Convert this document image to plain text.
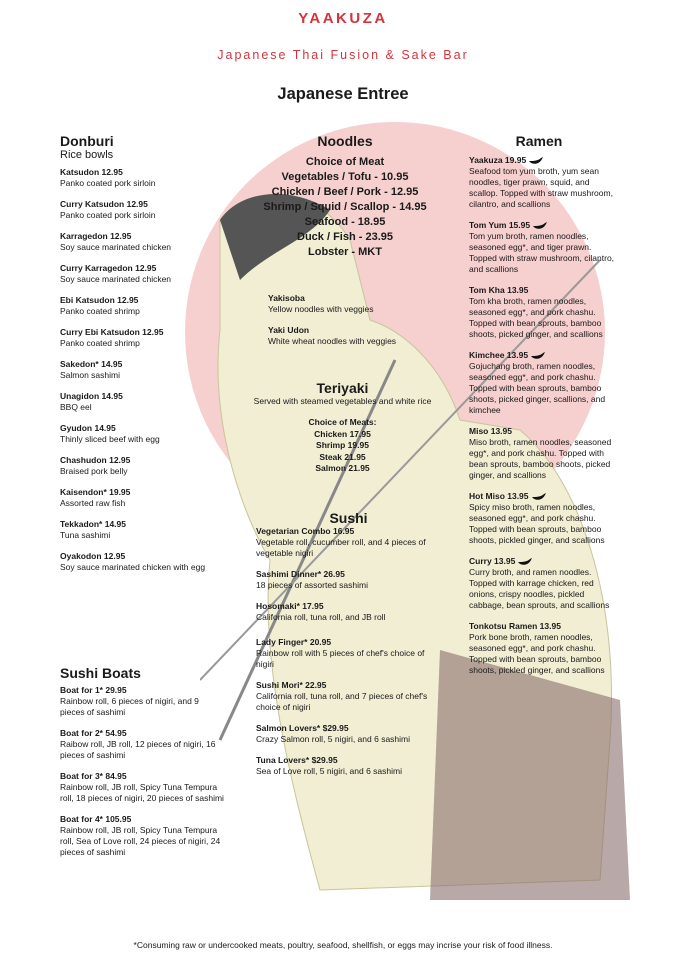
YAAKUZA
Japanese Thai Fusion & Sake Bar
Japanese Entree
Donburi
Rice bowls
Katsudon 12.95
Panko coated pork sirloin
Curry Katsudon 12.95
Panko coated pork sirloin
Karragedon 12.95
Soy sauce marinated chicken
Curry Karragedon 12.95
Soy sauce marinated chicken
Ebi Katsudon 12.95
Panko coated shrimp
Curry Ebi Katsudon 12.95
Panko coated shrimp
Sakedon* 14.95
Salmon sashimi
Unagidon 14.95
BBQ eel
Gyudon 14.95
Thinly sliced beef with egg
Chashudon 12.95
Braised pork belly
Kaisendon* 19.95
Assorted raw fish
Tekkadon* 14.95
Tuna sashimi
Oyakodon 12.95
Soy sauce marinated chicken with egg
Sushi Boats
Boat for 1* 29.95
Rainbow roll, 6 pieces of nigiri, and 9 pieces of sashimi
Boat for 2* 54.95
Raibow roll, JB roll, 12 pieces of nigiri, 16 pieces of sashimi
Boat for 3* 84.95
Rainbow roll, JB roll, Spicy Tuna Tempura roll, 18 pieces of nigiri, 20 pieces of sashimi
Boat for 4* 105.95
Rainbow roll, JB roll, Spicy Tuna Tempura roll, Sea of Love roll, 24 pieces of nigiri, 24 pieces of sashimi
Noodles
Choice of Meat
Vegetables / Tofu - 10.95
Chicken / Beef / Pork - 12.95
Shrimp / Squid / Scallop - 14.95
Seafood - 18.95
Duck / Fish - 23.95
Lobster - MKT
Yakisoba
Yellow noodles with veggies
Yaki Udon
White wheat noodles with veggies
Teriyaki
Served with steamed vegetables and white rice
Choice of Meats:
Chicken 17.95
Shrimp 19.95
Steak 21.95
Salmon 21.95
Sushi
Vegetarian Combo 16.95
Vegetable roll, cucumber roll, and 4 pieces of vegetable nigiri
Sashimi Dinner* 26.95
18 pieces of assorted sashimi
Hosomaki* 17.95
California roll, tuna roll, and JB roll
Lady Finger* 20.95
Rainbow roll with 5 pieces of chef's choice of nigiri
Sushi Mori* 22.95
California roll, tuna roll, and 7 pieces of chef's choice of nigiri
Salmon Lovers* $29.95
Crazy Salmon roll, 5 nigiri, and 6 sashimi
Tuna Lovers* $29.95
Sea of Love roll, 5 nigiri, and 6 sashimi
Ramen
Yaakuza 19.95
Seafood tom yum broth, yum sean noodles, tiger prawn, squid, and scallop. Topped with straw mushroom, cilantro, and scallions
Tom Yum 15.95
Tom yum broth, ramen noodles, seasoned egg*, and tiger prawn. Topped with straw mushroom, cilantro, and scallions
Tom Kha 13.95
Tom kha broth, ramen noodles, seasoned egg*, and pork chashu. Topped with bean sprouts, bamboo shoots, picked ginger, and scallions
Kimchee 13.95
Gojuchang broth, ramen noodles, seasoned egg*, and pork chashu. Topped with bean sprouts, bamboo shoots, picked ginger, scallions, and kimchee
Miso 13.95
Miso broth, ramen noodles, seasoned egg*, and pork chashu. Topped with bean sprouts, bamboo shoots, picked ginger, and scallions
Hot Miso 13.95
Spicy miso broth, ramen noodles, seasoned egg*, and pork chashu. Topped with bean sprouts, bamboo shoots, pickled ginger, and scallions
Curry 13.95
Curry broth, and ramen noodles. Topped with karrage chicken, red onions, crispy noodles, pickled cabbage, bean sprouts, and scallions
Tonkotsu Ramen 13.95
Pork bone broth, ramen noodles, seasoned egg*, and pork chashu. Topped with bean sprouts, bamboo shoots, pickled ginger, and scallions
*Consuming raw or undercooked meats, poultry, seafood, shellfish, or eggs may incrise your risk of food illness.
